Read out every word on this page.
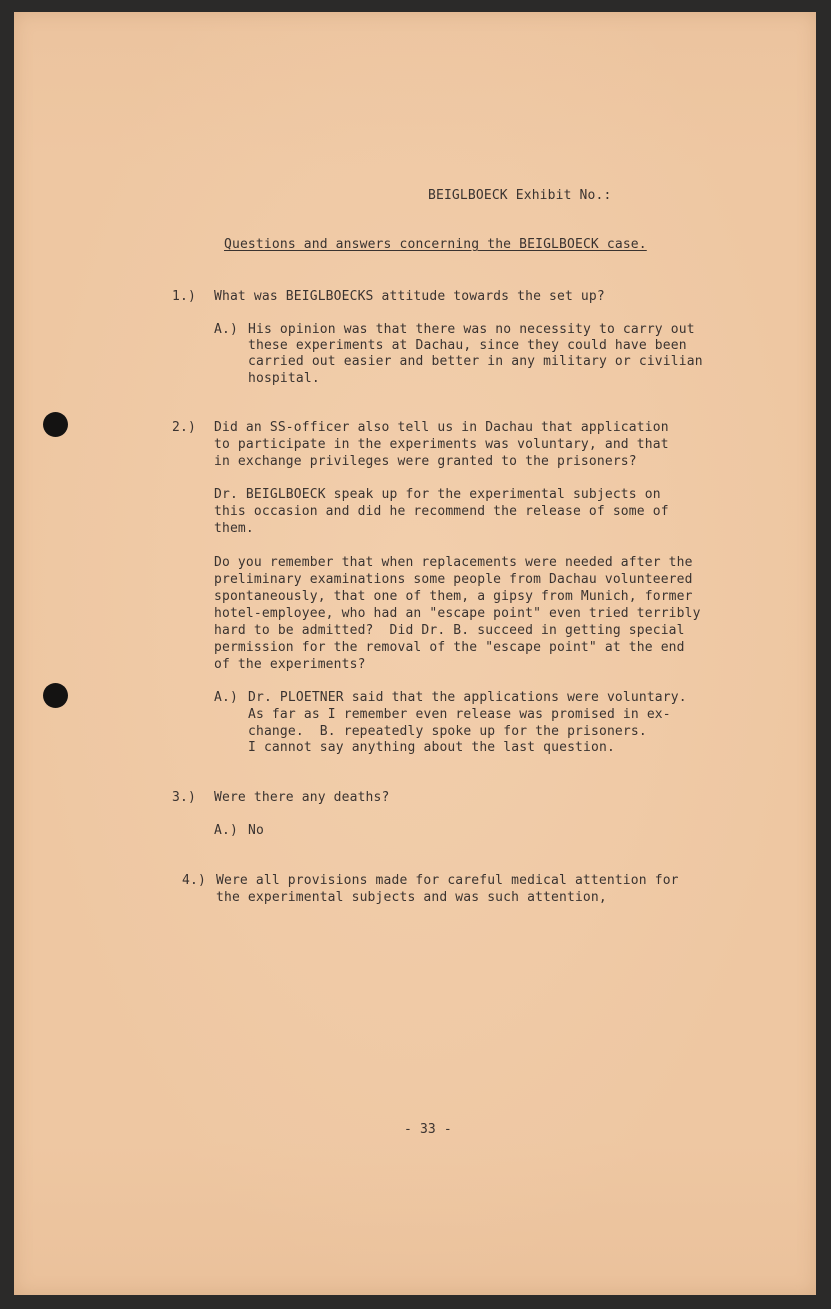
BEIGLBOECK Exhibit No.:

Questions and answers concerning the BEIGLBOECK case.

1.) What was BEIGLBOECKS attitude towards the set up?

A.) His opinion was that there was no necessity to carry out

these experiments at Dachau, since they could have been

carried out easier and better in any military or civilian

hospital.

2.) Did an SS-officer also tell us in Dachau that application

to participate in the experiments was voluntary, and that

in exchange privileges were granted to the prisoners?

Dr. BEIGLBOECK speak up for the experimental subjects on

this occasion and did he recommend the release of some of

them.

Do you remember that when replacements were needed after the

preliminary examinations some people from Dachau volunteered

spontaneously, that one of them, a gipsy from Munich, former

hotel-employee, who had an "escape point" even tried terribly

hard to be admitted?  Did Dr. B. succeed in getting special

permission for the removal of the "escape point" at the end

of the experiments?

A.) Dr. PLOETNER said that the applications were voluntary.

As far as I remember even release was promised in ex-

change.  B. repeatedly spoke up for the prisoners.

I cannot say anything about the last question.

3.) Were there any deaths?

A.) No

4.) Were all provisions made for careful medical attention for

the experimental subjects and was such attention,

- 33 -
